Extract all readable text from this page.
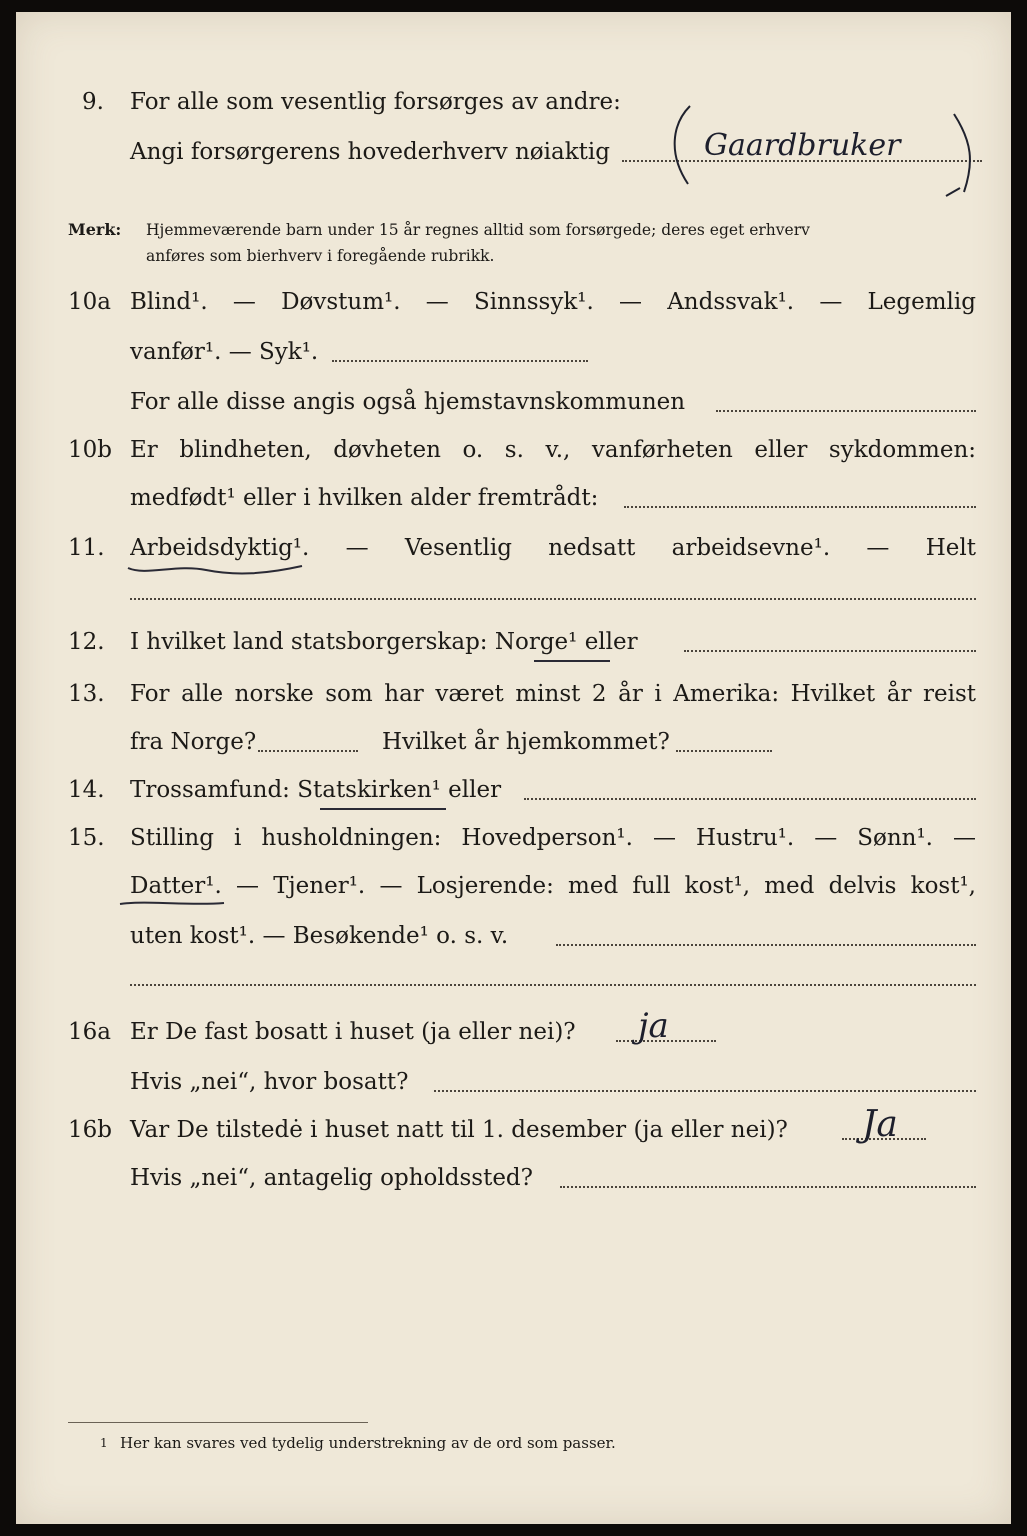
9. For alle som vesentlig forsørges av andre:
Angi forsørgerens hovederhverv nøiaktig	Gaardbruker
Merk: Hjemmeværende barn under 15 år regnes alltid som forsørgede; deres eget erhverv
anføres som bierhverv i foregående rubrikk.
10a Blind¹. — Døvstum¹. — Sinnssyk¹. — Andssvak¹. — Legemlig
vanfør¹. — Syk¹.
For alle disse angis også hjemstavnskommunen
10b Er blindheten, døvheten o. s. v., vanførheten eller sykdommen:
medfødt¹ eller i hvilken alder fremtrådt:
11. Arbeidsdyktig¹. — Vesentlig nedsatt arbeidsevne¹. — Helt
12. I hvilket land statsborgerskap: Norge¹ eller
13. For alle norske som har været minst 2 år i Amerika: Hvilket år reist
fra Norge?	Hvilket år hjemkommet?
14. Trossamfund: Statskirken¹ eller
15. Stilling i husholdningen: Hovedperson¹. — Hustru¹. — Sønn¹. —
Datter¹. — Tjener¹. — Losjerende: med full kost¹, med delvis kost¹,
uten kost¹. — Besøkende¹ o. s. v.
16a Er De fast bosatt i huset (ja eller nei)? ja
Hvis „nei“, hvor bosatt?
16b Var De tilstedė i huset natt til 1. desember (ja eller nei)? Ja
Hvis „nei“, antagelig opholdssted?
1 Her kan svares ved tydelig understrekning av de ord som passer.
